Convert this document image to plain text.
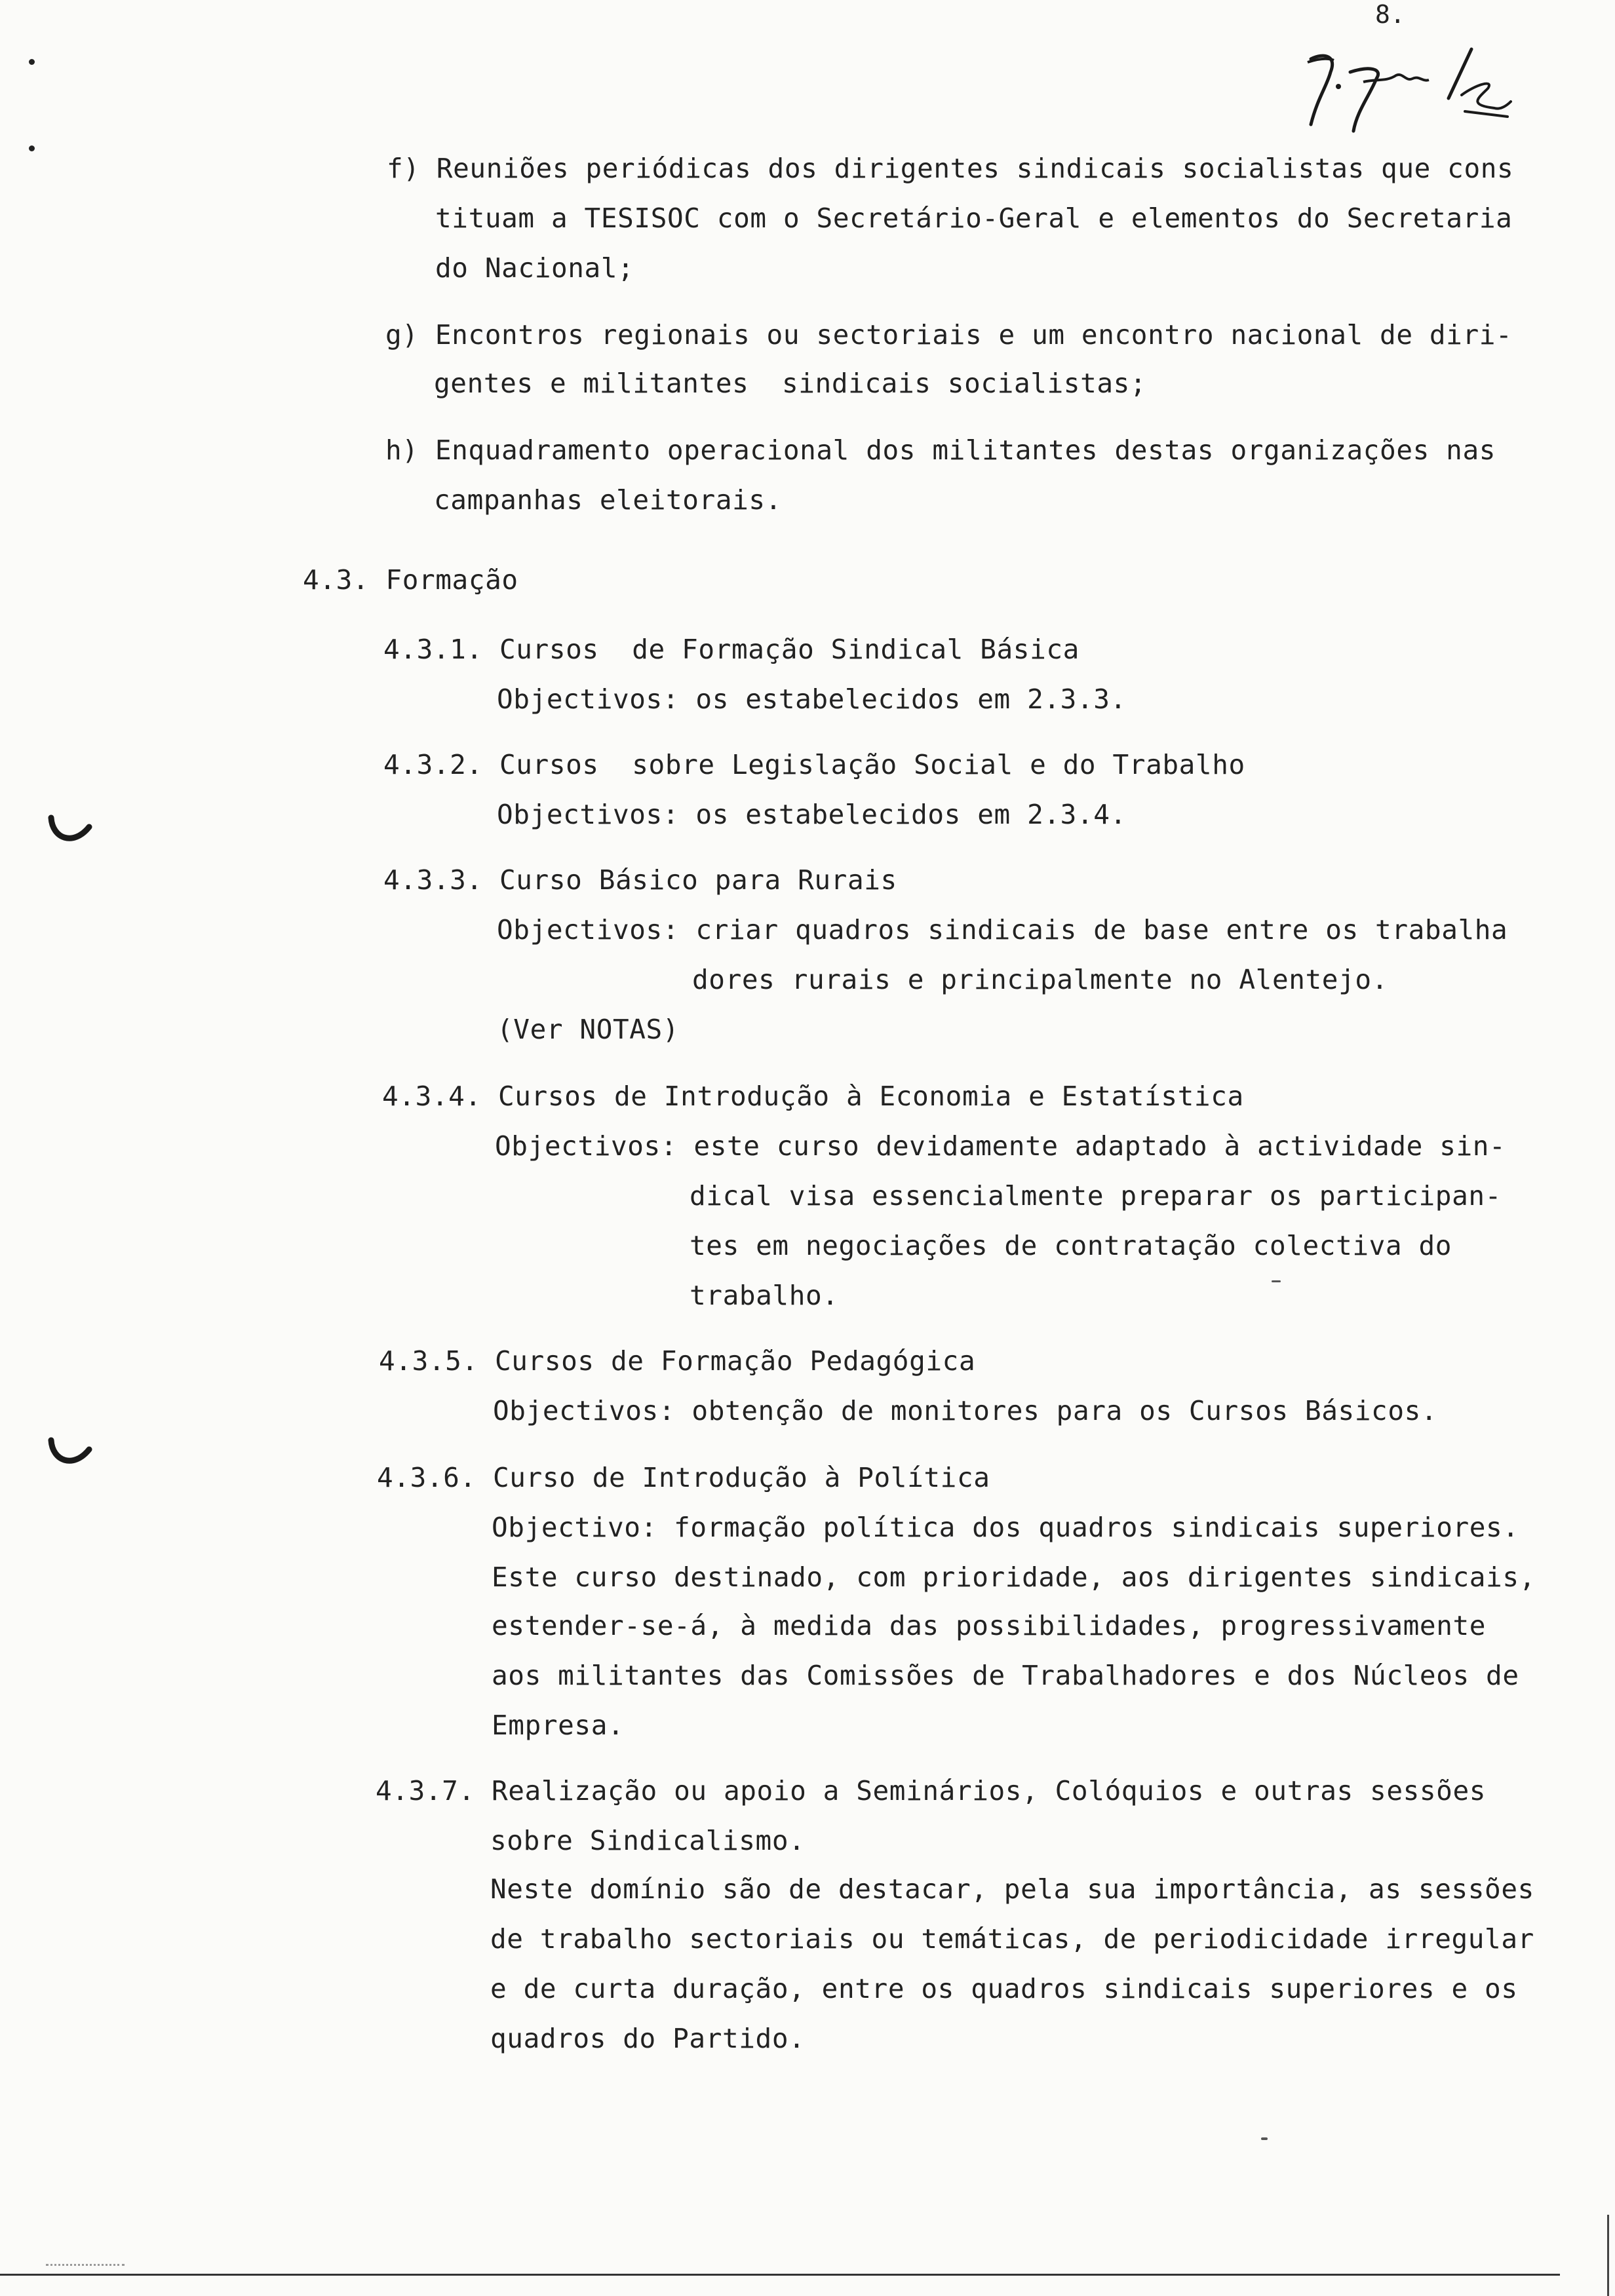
8.
f) Reuniões periódicas dos dirigentes sindicais socialistas que cons
tituam a TESISOC com o Secretário-Geral e elementos do Secretaria
do Nacional;
g) Encontros regionais ou sectoriais e um encontro nacional de diri-
gentes e militantes  sindicais socialistas;
h) Enquadramento operacional dos militantes destas organizações nas
campanhas eleitorais.
4.3. Formação
4.3.1. Cursos  de Formação Sindical Básica
Objectivos: os estabelecidos em 2.3.3.
4.3.2. Cursos  sobre Legislação Social e do Trabalho
Objectivos: os estabelecidos em 2.3.4.
4.3.3. Curso Básico para Rurais
Objectivos: criar quadros sindicais de base entre os trabalha
dores rurais e principalmente no Alentejo.
(Ver NOTAS)
4.3.4. Cursos de Introdução à Economia e Estatística
Objectivos: este curso devidamente adaptado à actividade sin-
dical visa essencialmente preparar os participan-
tes em negociações de contratação colectiva do
trabalho.
4.3.5. Cursos de Formação Pedagógica
Objectivos: obtenção de monitores para os Cursos Básicos.
4.3.6. Curso de Introdução à Política
Objectivo: formação política dos quadros sindicais superiores.
Este curso destinado, com prioridade, aos dirigentes sindicais,
estender-se-á, à medida das possibilidades, progressivamente
aos militantes das Comissões de Trabalhadores e dos Núcleos de
Empresa.
4.3.7. Realização ou apoio a Seminários, Colóquios e outras sessões
sobre Sindicalismo.
Neste domínio são de destacar, pela sua importância, as sessões
de trabalho sectoriais ou temáticas, de periodicidade irregular
e de curta duração, entre os quadros sindicais superiores e os
quadros do Partido.
